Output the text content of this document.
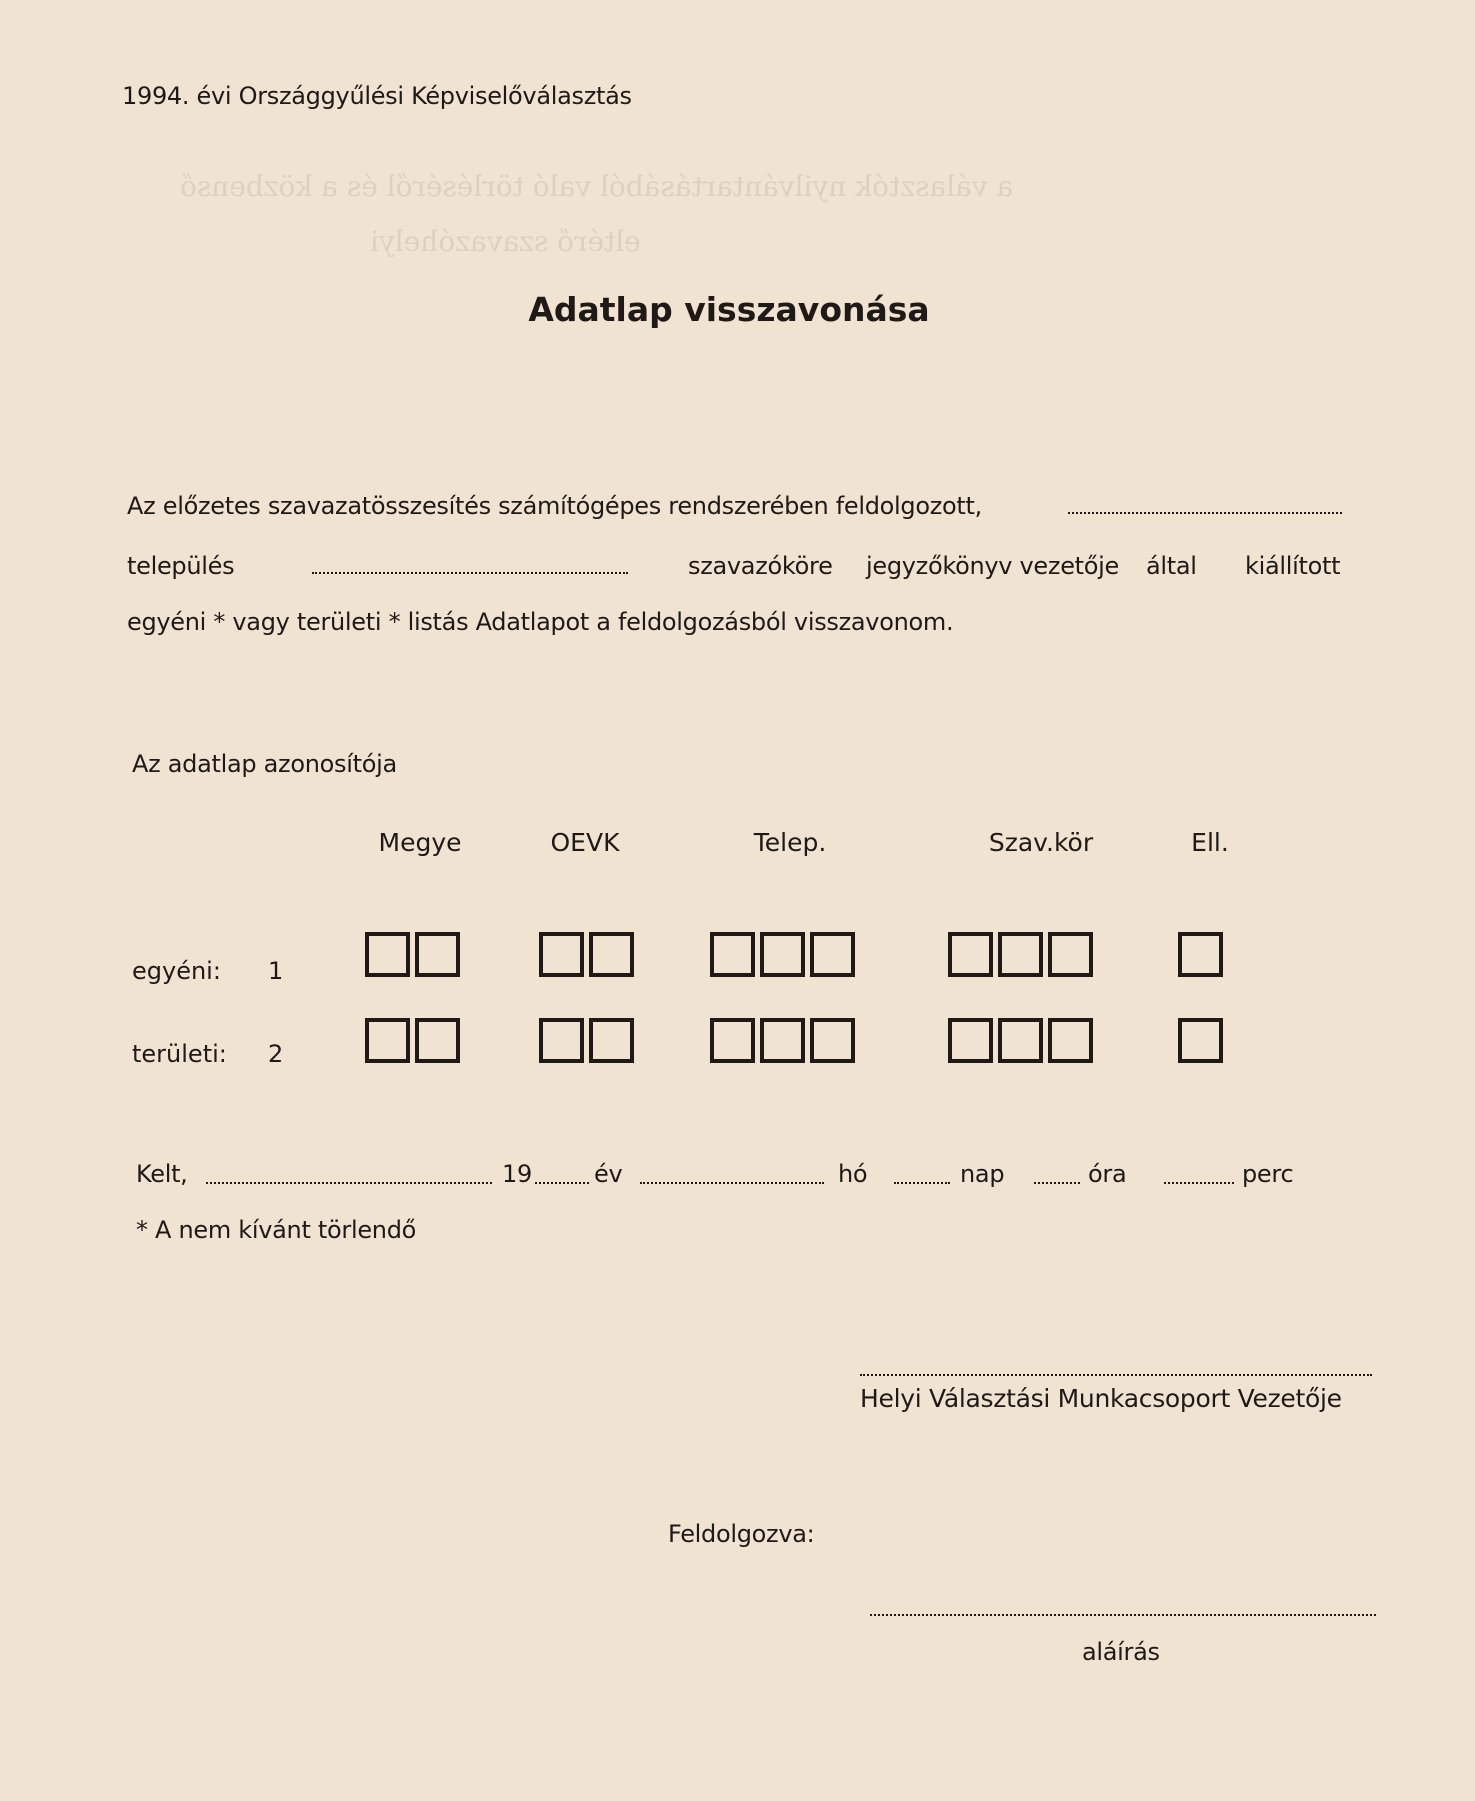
a választók nyilvántartásából való törléséről és a közbenső
eltérő szavazóhelyi
1994. évi Országgyűlési Képviselőválasztás
Adatlap visszavonása
Az előzetes szavazatösszesítés számítógépes rendszerében feldolgozott,
település	szavazóköre jegyzőkönyv vezetője által kiállított
egyéni * vagy területi * listás Adatlapot a feldolgozásból visszavonom.
Az adatlap azonosítója
Megye	OEVK	Telep.	Szav.kör	Ell.
egyéni: 1
területi: 2
Kelt,	19	év	hó	nap	óra	perc
* A nem kívánt törlendő
Helyi Választási Munkacsoport Vezetője
Feldolgozva:
aláírás
